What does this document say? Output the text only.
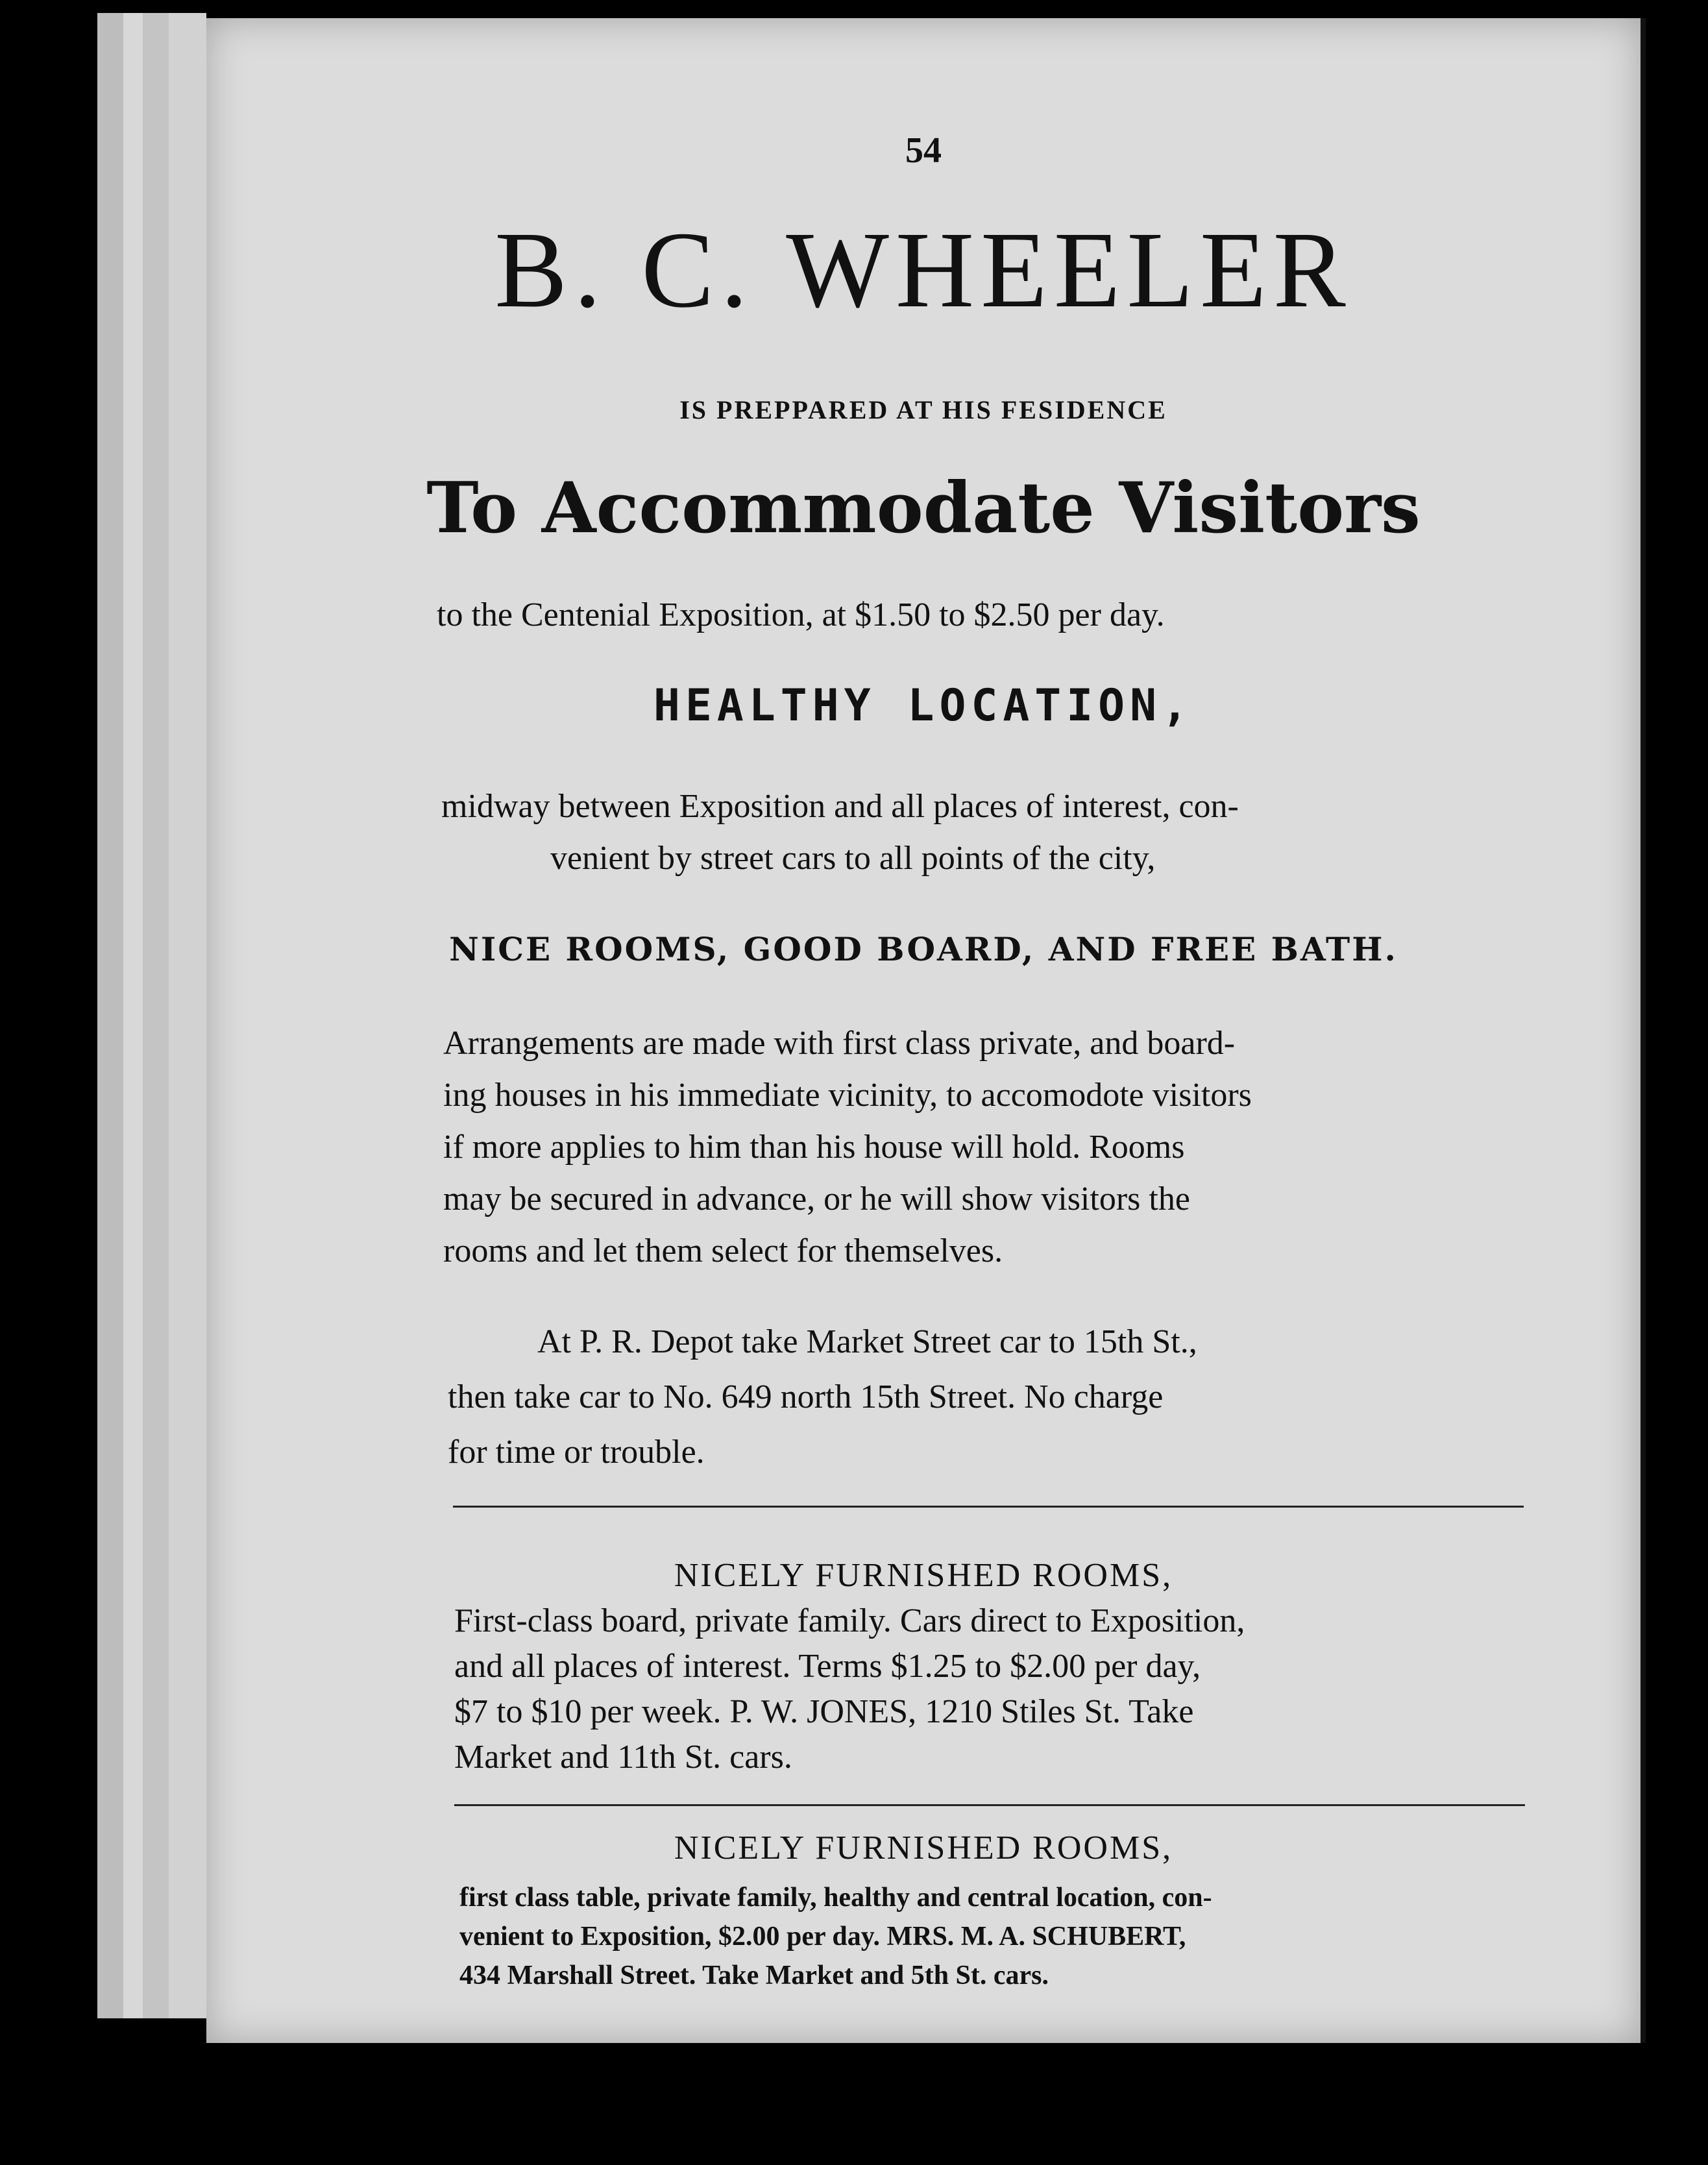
54
B. C. WHEELER
IS PREPPARED AT HIS FESIDENCE
To Accommodate Visitors
to the Centenial Exposition, at $1.50 to $2.50 per day.
HEALTHY LOCATION,
midway between Exposition and all places of interest, con-
venient by street cars to all points of the city,
NICE ROOMS, GOOD BOARD, AND FREE BATH.
Arrangements are made with first class private, and board-
ing houses in his immediate vicinity, to accomodote visitors
if more applies to him than his house will hold. Rooms
may be secured in advance, or he will show visitors the
rooms and let them select for themselves.
At P. R. Depot take Market Street car to 15th St.,
then take car to No. 649 north 15th Street. No charge
for time or trouble.
NICELY FURNISHED ROOMS,
First-class board, private family. Cars direct to Exposition,
and all places of interest. Terms $1.25 to $2.00 per day,
$7 to $10 per week. P. W. JONES, 1210 Stiles St. Take
Market and 11th St. cars.
NICELY FURNISHED ROOMS,
first class table, private family, healthy and central location, con-
venient to Exposition, $2.00 per day. MRS. M. A. SCHUBERT,
434 Marshall Street. Take Market and 5th St. cars.
